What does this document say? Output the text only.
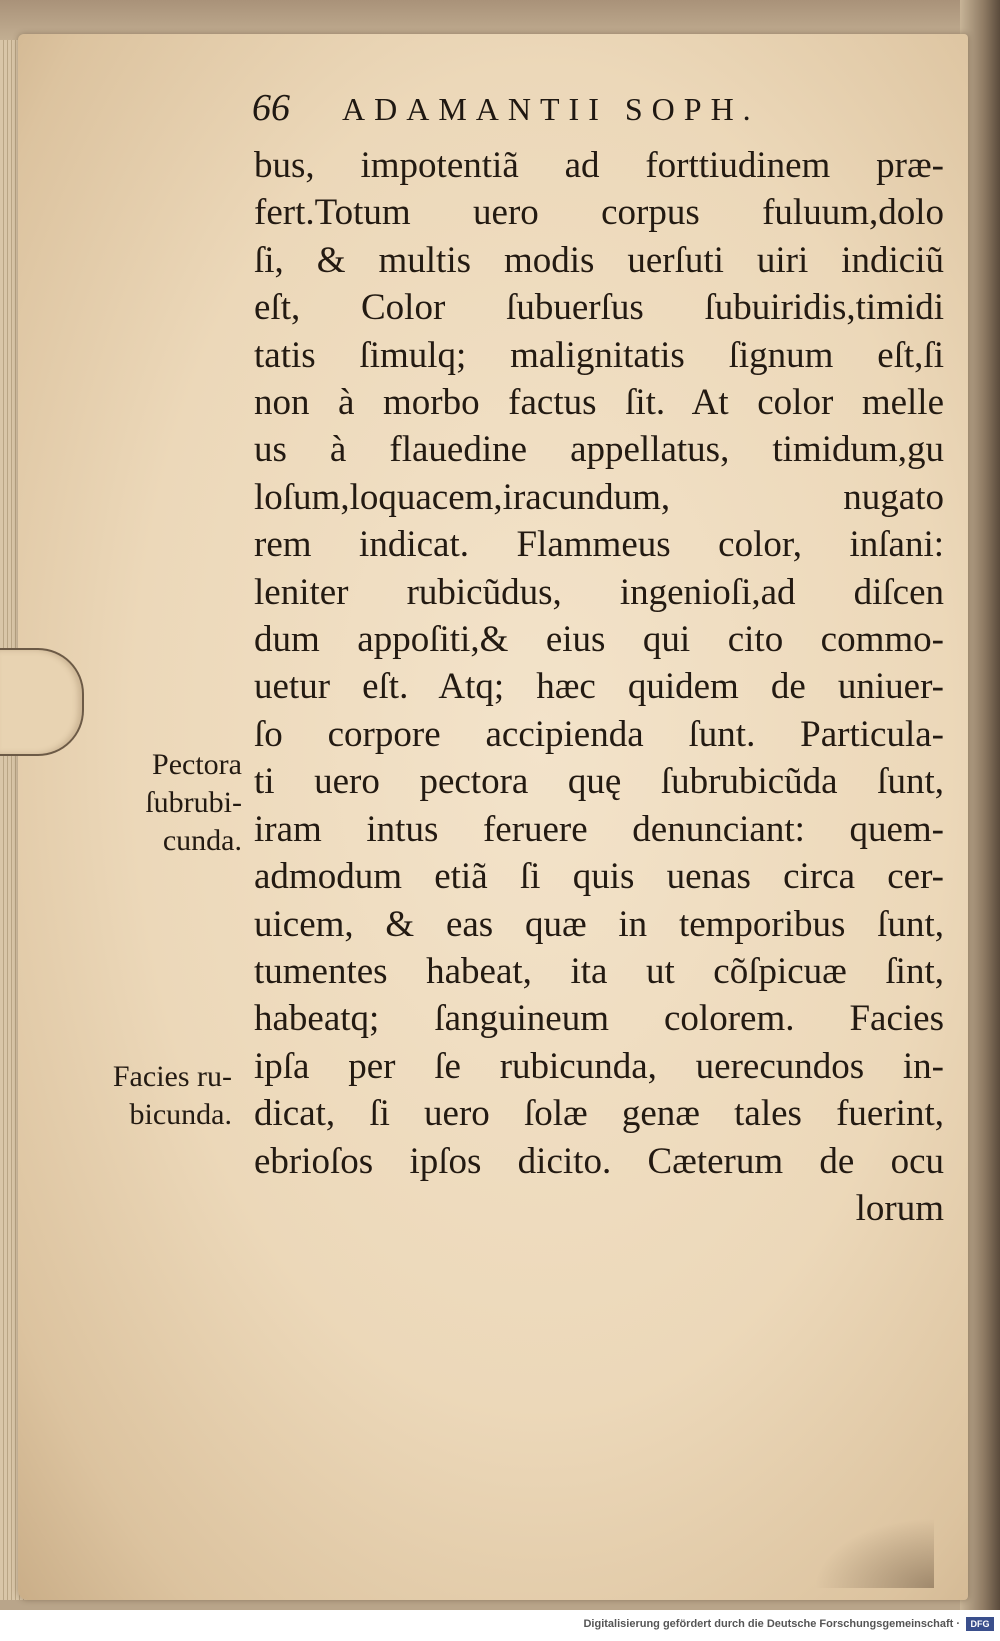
66 ADAMANTII SOPH.
bus, impotentiã ad forttiudinem præ-
fert.Totum uero corpus fuluum,dolo
ſi, & multis modis uerſuti uiri indiciũ
eſt, Color ſubuerſus ſubuiridis,timidi
tatis ſimulq; malignitatis ſignum eſt,ſi
non à morbo factus ſit. At color melle
us à flauedine appellatus, timidum,gu
loſum,loquacem,iracundum, nugato
rem indicat. Flammeus color, inſani:
leniter rubicũdus, ingenioſi,ad diſcen
dum appoſiti,& eius qui cito commo-
uetur eſt. Atq; hæc quidem de uniuer-
ſo corpore accipienda ſunt. Particula-
ti uero pectora quę ſubrubicũda ſunt,
iram intus feruere denunciant: quem-
admodum etiã ſi quis uenas circa cer-
uicem, & eas quæ in temporibus ſunt,
tumentes habeat, ita ut cõſpicuæ ſint,
habeatq; ſanguineum colorem. Facies
ipſa per ſe rubicunda, uerecundos in-
dicat, ſi uero ſolæ genæ tales fuerint,
ebrioſos ipſos dicito. Cæterum de ocu
lorum
Pectora
ſubrubi-
cunda.
Facies ru-
bicunda.
Digitalisierung gefördert durch die Deutsche Forschungsgemeinschaft ·	DFG
